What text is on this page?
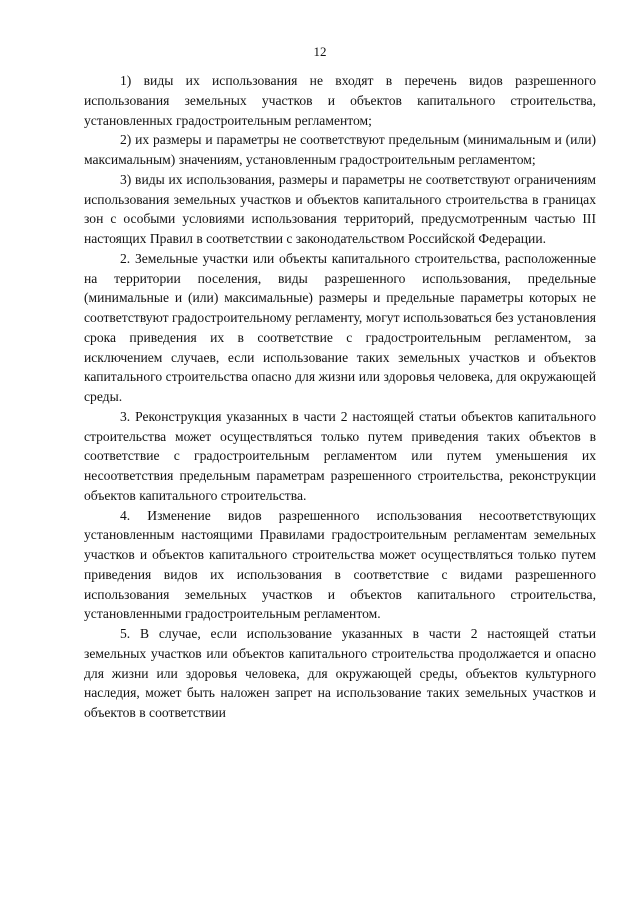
12

1) виды их использования не входят в перечень видов разрешенного использования земельных участков и объектов капитального строительства, установленных градостроительным регламентом;

2) их размеры и параметры не соответствуют предельным (минимальным и (или) максимальным) значениям, установленным градостроительным регламентом;

3) виды их использования, размеры и параметры не соответствуют ограничениям использования земельных участков и объектов капитального строительства в границах зон с особыми условиями использования территорий, предусмотренным частью III настоящих Правил в соответствии с законодательством Российской Федерации.

2. Земельные участки или объекты капитального строительства, расположенные на территории поселения, виды разрешенного использования, предельные (минимальные и (или) максимальные) размеры и предельные параметры которых не соответствуют градостроительному регламенту, могут использоваться без установления срока приведения их в соответствие с градостроительным регламентом, за исключением случаев, если использование таких земельных участков и объектов капитального строительства опасно для жизни или здоровья человека, для окружающей среды.

3. Реконструкция указанных в части 2 настоящей статьи объектов капитального строительства может осуществляться только путем приведения таких объектов в соответствие с градостроительным регламентом или путем уменьшения их несоответствия предельным параметрам разрешенного строительства, реконструкции объектов капитального строительства.

4. Изменение видов разрешенного использования несоответствующих установленным настоящими Правилами градостроительным регламентам земельных участков и объектов капитального строительства может осуществляться только путем приведения видов их использования в соответствие с видами разрешенного использования земельных участков и объектов капитального строительства, установленными градостроительным регламентом.

5. В случае, если использование указанных в части 2 настоящей статьи земельных участков или объектов капитального строительства продолжается и опасно для жизни или здоровья человека, для окружающей среды, объектов культурного наследия, может быть наложен запрет на использование таких земельных участков и объектов в соответствии
